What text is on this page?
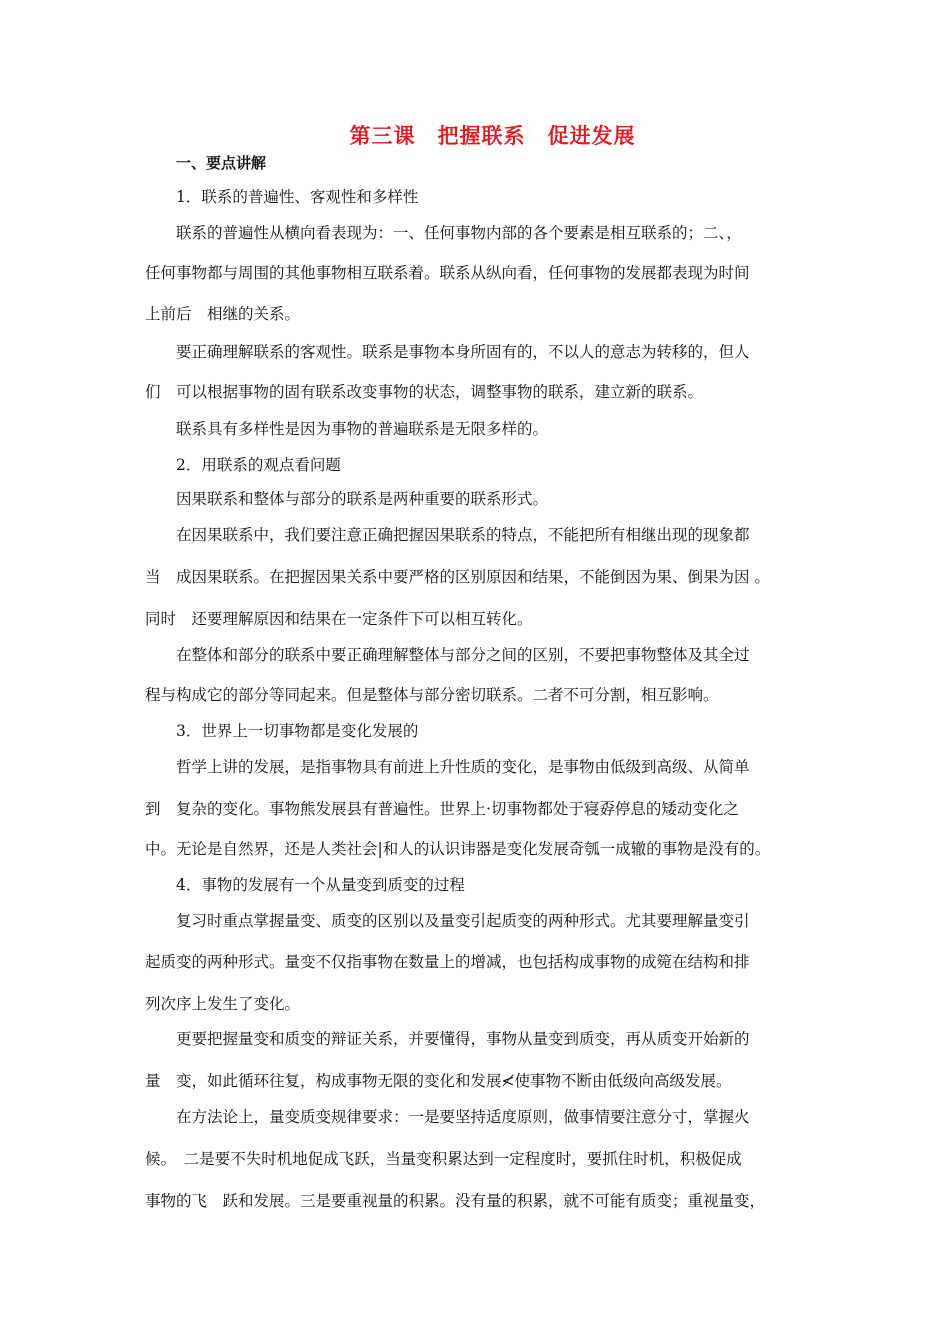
第三课　把握联系　促进发展
一、要点讲解
1．联系的普遍性、客观性和多样性
联系的普遍性从横向看表现为：一、任何事物内部的各个要素是相互联系的；二、，
任何事物都与周围的其他事物相互联系着。联系从纵向看，任何事物的发展都表现为时间
上前后　相继的关系。
要正确理解联系的客观性。联系是事物本身所固有的，不以人的意志为转移的，但人
们　可以根据事物的固有联系改变事物的状态，调整事物的联系，建立新的联系。
联系具有多样性是因为事物的普遍联系是无限多样的。
2．用联系的观点看问题
因果联系和整体与部分的联系是两种重要的联系形式。
在因果联系中，我们要注意正确把握因果联系的特点，不能把所有相继出现的现象都
当　成因果联系。在把握因果关系中要严格的区别原因和结果，不能倒因为果、倒果为因 。
同时　还要理解原因和结果在一定条件下可以相互转化。
在整体和部分的联系中要正确理解整体与部分之间的区别，不要把事物整体及其全过
程与构成它的部分等同起来。但是整体与部分密切联系。二者不可分割，相互影响。
3．世界上一切事物都是变化发展的
哲学上讲的发展，是指事物具有前进上升性质的变化，是事物由低级到高级、从简单
到　复杂的变化。事物熊发展县有普遍性。世界上·切事物都处于寝孬停息的矮动变化之
中。无论是自然界，还是人类社会|和人的认识讳器是变化发展奇瓠一成辙的事物是没有的。
4．事物的发展有一个从量变到质变的过程
复习时重点掌握量变、质变的区别以及量变引起质变的两种形式。尤其要理解量变引
起质变的两种形式。量变不仅指事物在数量上的增减，也包括构成事物的成箢在结构和排
列次序上发生了变化。
更要把握量变和质变的辩证关系，并要懂得，事物从量变到质变，再从质变开始新的
量　变，如此循环往复，构成事物无限的变化和发展≮使事物不断由低级向高级发展。
在方法论上，量变质变规律要求：一是要坚持适度原则，做事情要注意分寸，掌握火
候。　二是要不失时机地促成飞跃，当量变积累达到一定程度时，要抓住时机，积极促成
事物的飞　跃和发展。三是要重视量的积累。没有量的积累，就不可能有质变；重视量变，
